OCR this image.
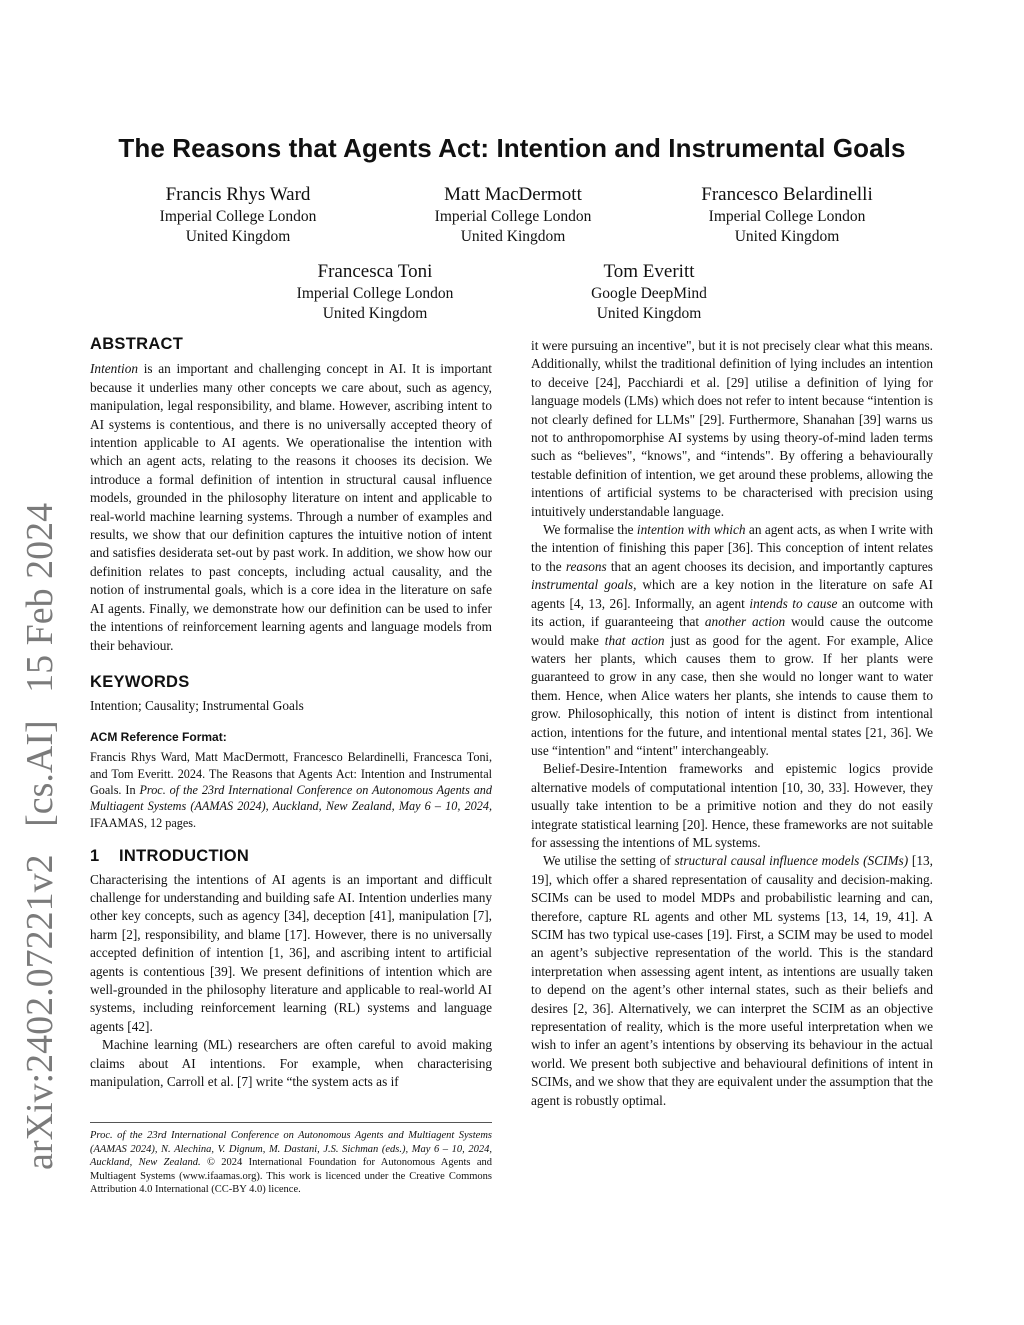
arXiv:2402.07221v2 [cs.AI] 15 Feb 2024
The Reasons that Agents Act: Intention and Instrumental Goals
Francis Rhys Ward
Imperial College London
United Kingdom
Matt MacDermott
Imperial College London
United Kingdom
Francesco Belardinelli
Imperial College London
United Kingdom
Francesca Toni
Imperial College London
United Kingdom
Tom Everitt
Google DeepMind
United Kingdom
ABSTRACT

Intention is an important and challenging concept in AI. It is important because it underlies many other concepts we care about, such as agency, manipulation, legal responsibility, and blame. However, ascribing intent to AI systems is contentious, and there is no universally accepted theory of intention applicable to AI agents. We operationalise the intention with which an agent acts, relating to the reasons it chooses its decision. We introduce a formal definition of intention in structural causal influence models, grounded in the philosophy literature on intent and applicable to real-world machine learning systems. Through a number of examples and results, we show that our definition captures the intuitive notion of intent and satisfies desiderata set-out by past work. In addition, we show how our definition relates to past concepts, including actual causality, and the notion of instrumental goals, which is a core idea in the literature on safe AI agents. Finally, we demonstrate how our definition can be used to infer the intentions of reinforcement learning agents and language models from their behaviour.

KEYWORDS

Intention; Causality; Instrumental Goals

ACM Reference Format:

Francis Rhys Ward, Matt MacDermott, Francesco Belardinelli, Francesca Toni, and Tom Everitt. 2024. The Reasons that Agents Act: Intention and Instrumental Goals. In Proc. of the 23rd International Conference on Autonomous Agents and Multiagent Systems (AAMAS 2024), Auckland, New Zealand, May 6 – 10, 2024, IFAAMAS, 12 pages.

1 INTRODUCTION

Characterising the intentions of AI agents is an important and difficult challenge for understanding and building safe AI. Intention underlies many other key concepts, such as agency [34], deception [41], manipulation [7], harm [2], responsibility, and blame [17]. However, there is no universally accepted definition of intention [1, 36], and ascribing intent to artificial agents is contentious [39]. We present definitions of intention which are well-grounded in the philosophy literature and applicable to real-world AI systems, including reinforcement learning (RL) systems and language agents [42].

Machine learning (ML) researchers are often careful to avoid making claims about AI intentions. For example, when characterising manipulation, Carroll et al. [7] write “the system acts as if

Proc. of the 23rd International Conference on Autonomous Agents and Multiagent Systems (AAMAS 2024), N. Alechina, V. Dignum, M. Dastani, J.S. Sichman (eds.), May 6 – 10, 2024, Auckland, New Zealand. © 2024 International Foundation for Autonomous Agents and Multiagent Systems (www.ifaamas.org). This work is licenced under the Creative Commons Attribution 4.0 International (CC-BY 4.0) licence.

it were pursuing an incentive", but it is not precisely clear what this means. Additionally, whilst the traditional definition of lying includes an intention to deceive [24], Pacchiardi et al. [29] utilise a definition of lying for language models (LMs) which does not refer to intent because “intention is not clearly defined for LLMs" [29]. Furthermore, Shanahan [39] warns us not to anthropomorphise AI systems by using theory-of-mind laden terms such as “believes", “knows", and “intends". By offering a behaviourally testable definition of intention, we get around these problems, allowing the intentions of artificial systems to be characterised with precision using intuitively understandable language.

We formalise the intention with which an agent acts, as when I write with the intention of finishing this paper [36]. This conception of intent relates to the reasons that an agent chooses its decision, and importantly captures instrumental goals, which are a key notion in the literature on safe AI agents [4, 13, 26]. Informally, an agent intends to cause an outcome with its action, if guaranteeing that another action would cause the outcome would make that action just as good for the agent. For example, Alice waters her plants, which causes them to grow. If her plants were guaranteed to grow in any case, then she would no longer want to water them. Hence, when Alice waters her plants, she intends to cause them to grow. Philosophically, this notion of intent is distinct from intentional action, intentions for the future, and intentional mental states [21, 36]. We use “intention" and “intent" interchangeably.

Belief-Desire-Intention frameworks and epistemic logics provide alternative models of computational intention [10, 30, 33]. However, they usually take intention to be a primitive notion and they do not easily integrate statistical learning [20]. Hence, these frameworks are not suitable for assessing the intentions of ML systems.

We utilise the setting of structural causal influence models (SCIMs) [13, 19], which offer a shared representation of causality and decision-making. SCIMs can be used to model MDPs and probabilistic learning and can, therefore, capture RL agents and other ML systems [13, 14, 19, 41]. A SCIM has two typical use-cases [19]. First, a SCIM may be used to model an agent’s subjective representation of the world. This is the standard interpretation when assessing agent intent, as intentions are usually taken to depend on the agent’s other internal states, such as their beliefs and desires [2, 36]. Alternatively, we can interpret the SCIM as an objective representation of reality, which is the more useful interpretation when we wish to infer an agent’s intentions by observing its behaviour in the actual world. We present both subjective and behavioural definitions of intent in SCIMs, and we show that they are equivalent under the assumption that the agent is robustly optimal.
